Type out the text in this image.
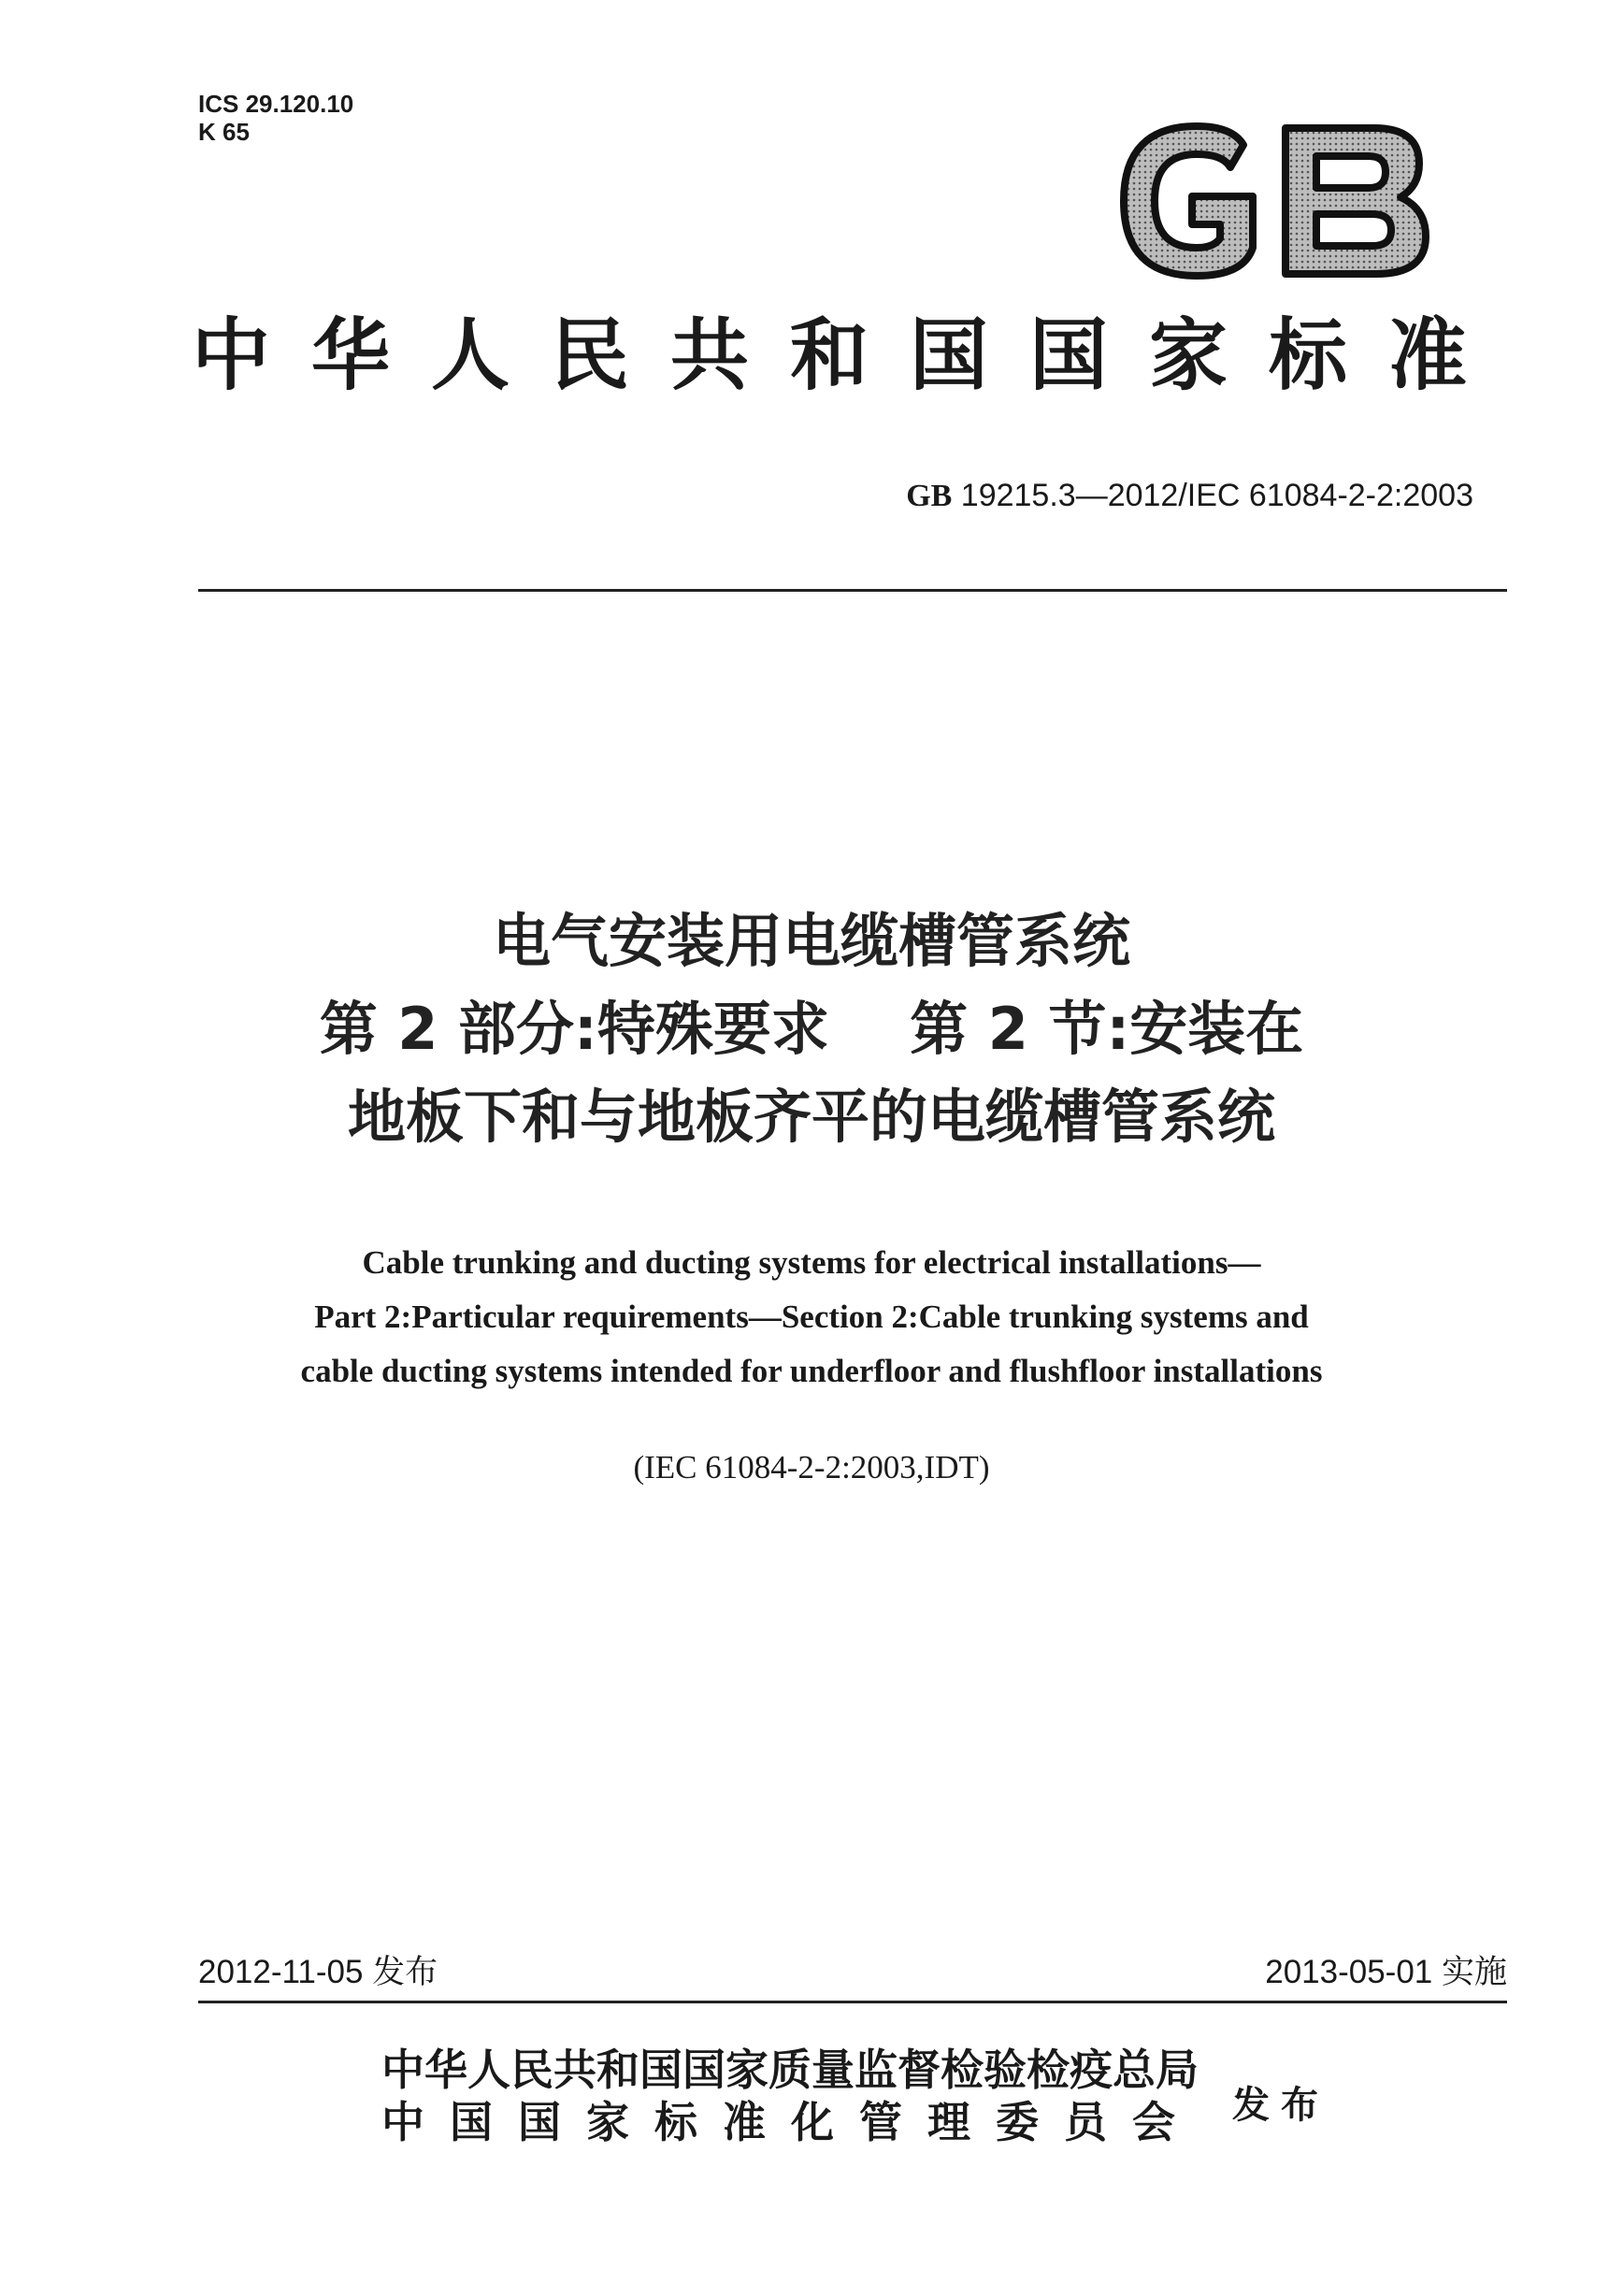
ICS 29.120.10
K 65
中华人民共和国国家标准
GB 19215.3—2012/IEC 61084-2-2:2003
电气安装用电缆槽管系统
第 2 部分:特殊要求    第 2 节:安装在
地板下和与地板齐平的电缆槽管系统
Cable trunking and ducting systems for electrical installations—
Part 2:Particular requirements—Section 2:Cable trunking systems and
cable ducting systems intended for underfloor and flushfloor installations
(IEC 61084-2-2:2003,IDT)
2012-11-05 发布	2013-05-01 实施
中华人民共和国国家质量监督检验检疫总局
中国国家标准化管理委员会 发布
